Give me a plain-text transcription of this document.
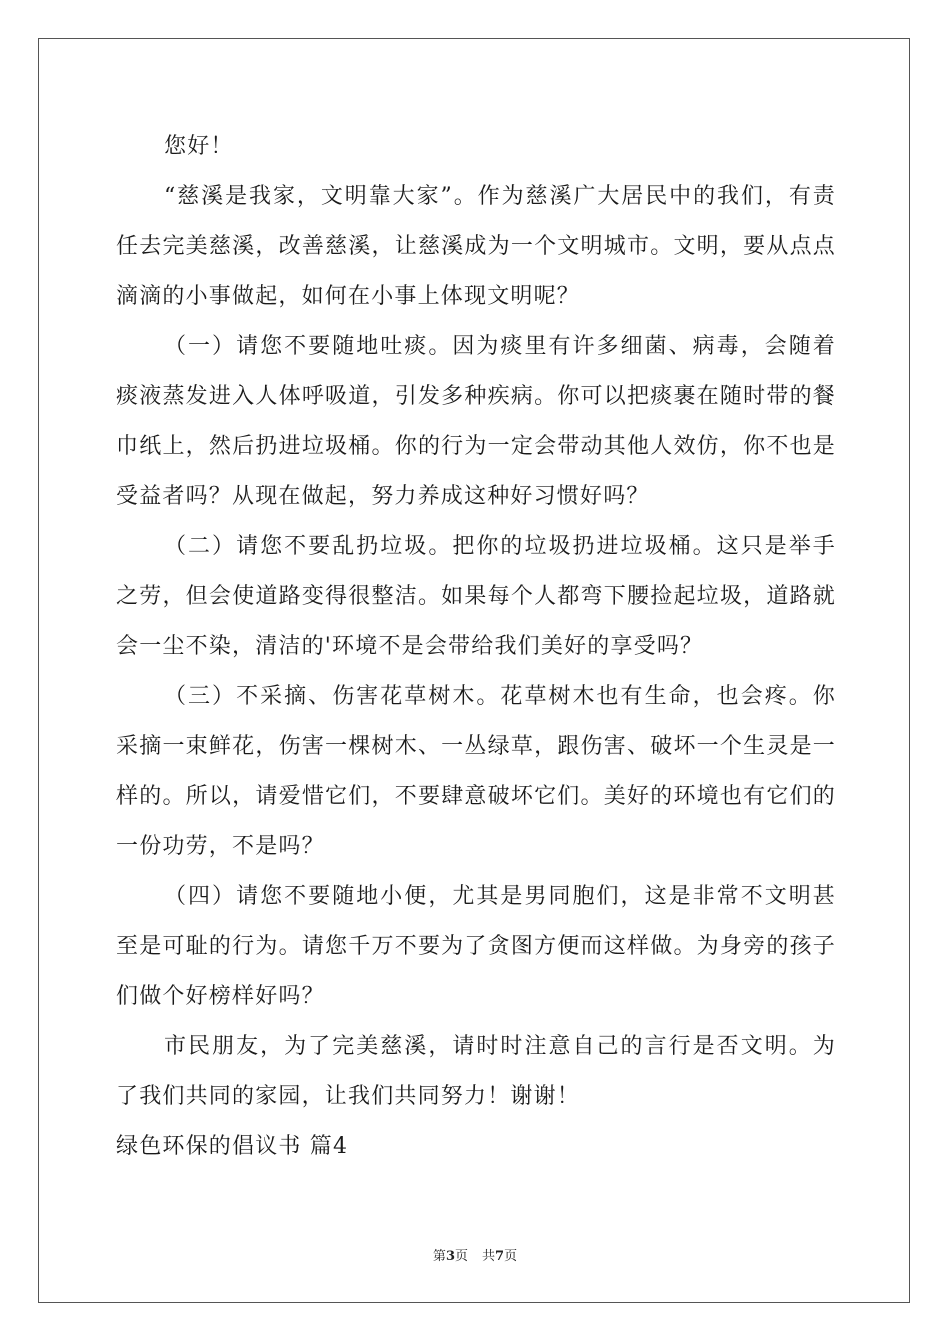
您好！

“慈溪是我家，文明靠大家”。作为慈溪广大居民中的我们，有责任去完美慈溪，改善慈溪，让慈溪成为一个文明城市。文明，要从点点滴滴的小事做起，如何在小事上体现文明呢？

（一）请您不要随地吐痰。因为痰里有许多细菌、病毒，会随着痰液蒸发进入人体呼吸道，引发多种疾病。你可以把痰裹在随时带的餐巾纸上，然后扔进垃圾桶。你的行为一定会带动其他人效仿，你不也是受益者吗？从现在做起，努力养成这种好习惯好吗？

（二）请您不要乱扔垃圾。把你的垃圾扔进垃圾桶。这只是举手之劳，但会使道路变得很整洁。如果每个人都弯下腰捡起垃圾，道路就会一尘不染，清洁的'环境不是会带给我们美好的享受吗？

（三）不采摘、伤害花草树木。花草树木也有生命，也会疼。你采摘一束鲜花，伤害一棵树木、一丛绿草，跟伤害、破坏一个生灵是一样的。所以，请爱惜它们，不要肆意破坏它们。美好的环境也有它们的一份功劳，不是吗？

（四）请您不要随地小便，尤其是男同胞们，这是非常不文明甚至是可耻的行为。请您千万不要为了贪图方便而这样做。为身旁的孩子们做个好榜样好吗？

市民朋友，为了完美慈溪，请时时注意自己的言行是否文明。为了我们共同的家园，让我们共同努力！谢谢！

绿色环保的倡议书 篇4

第3页 共7页
